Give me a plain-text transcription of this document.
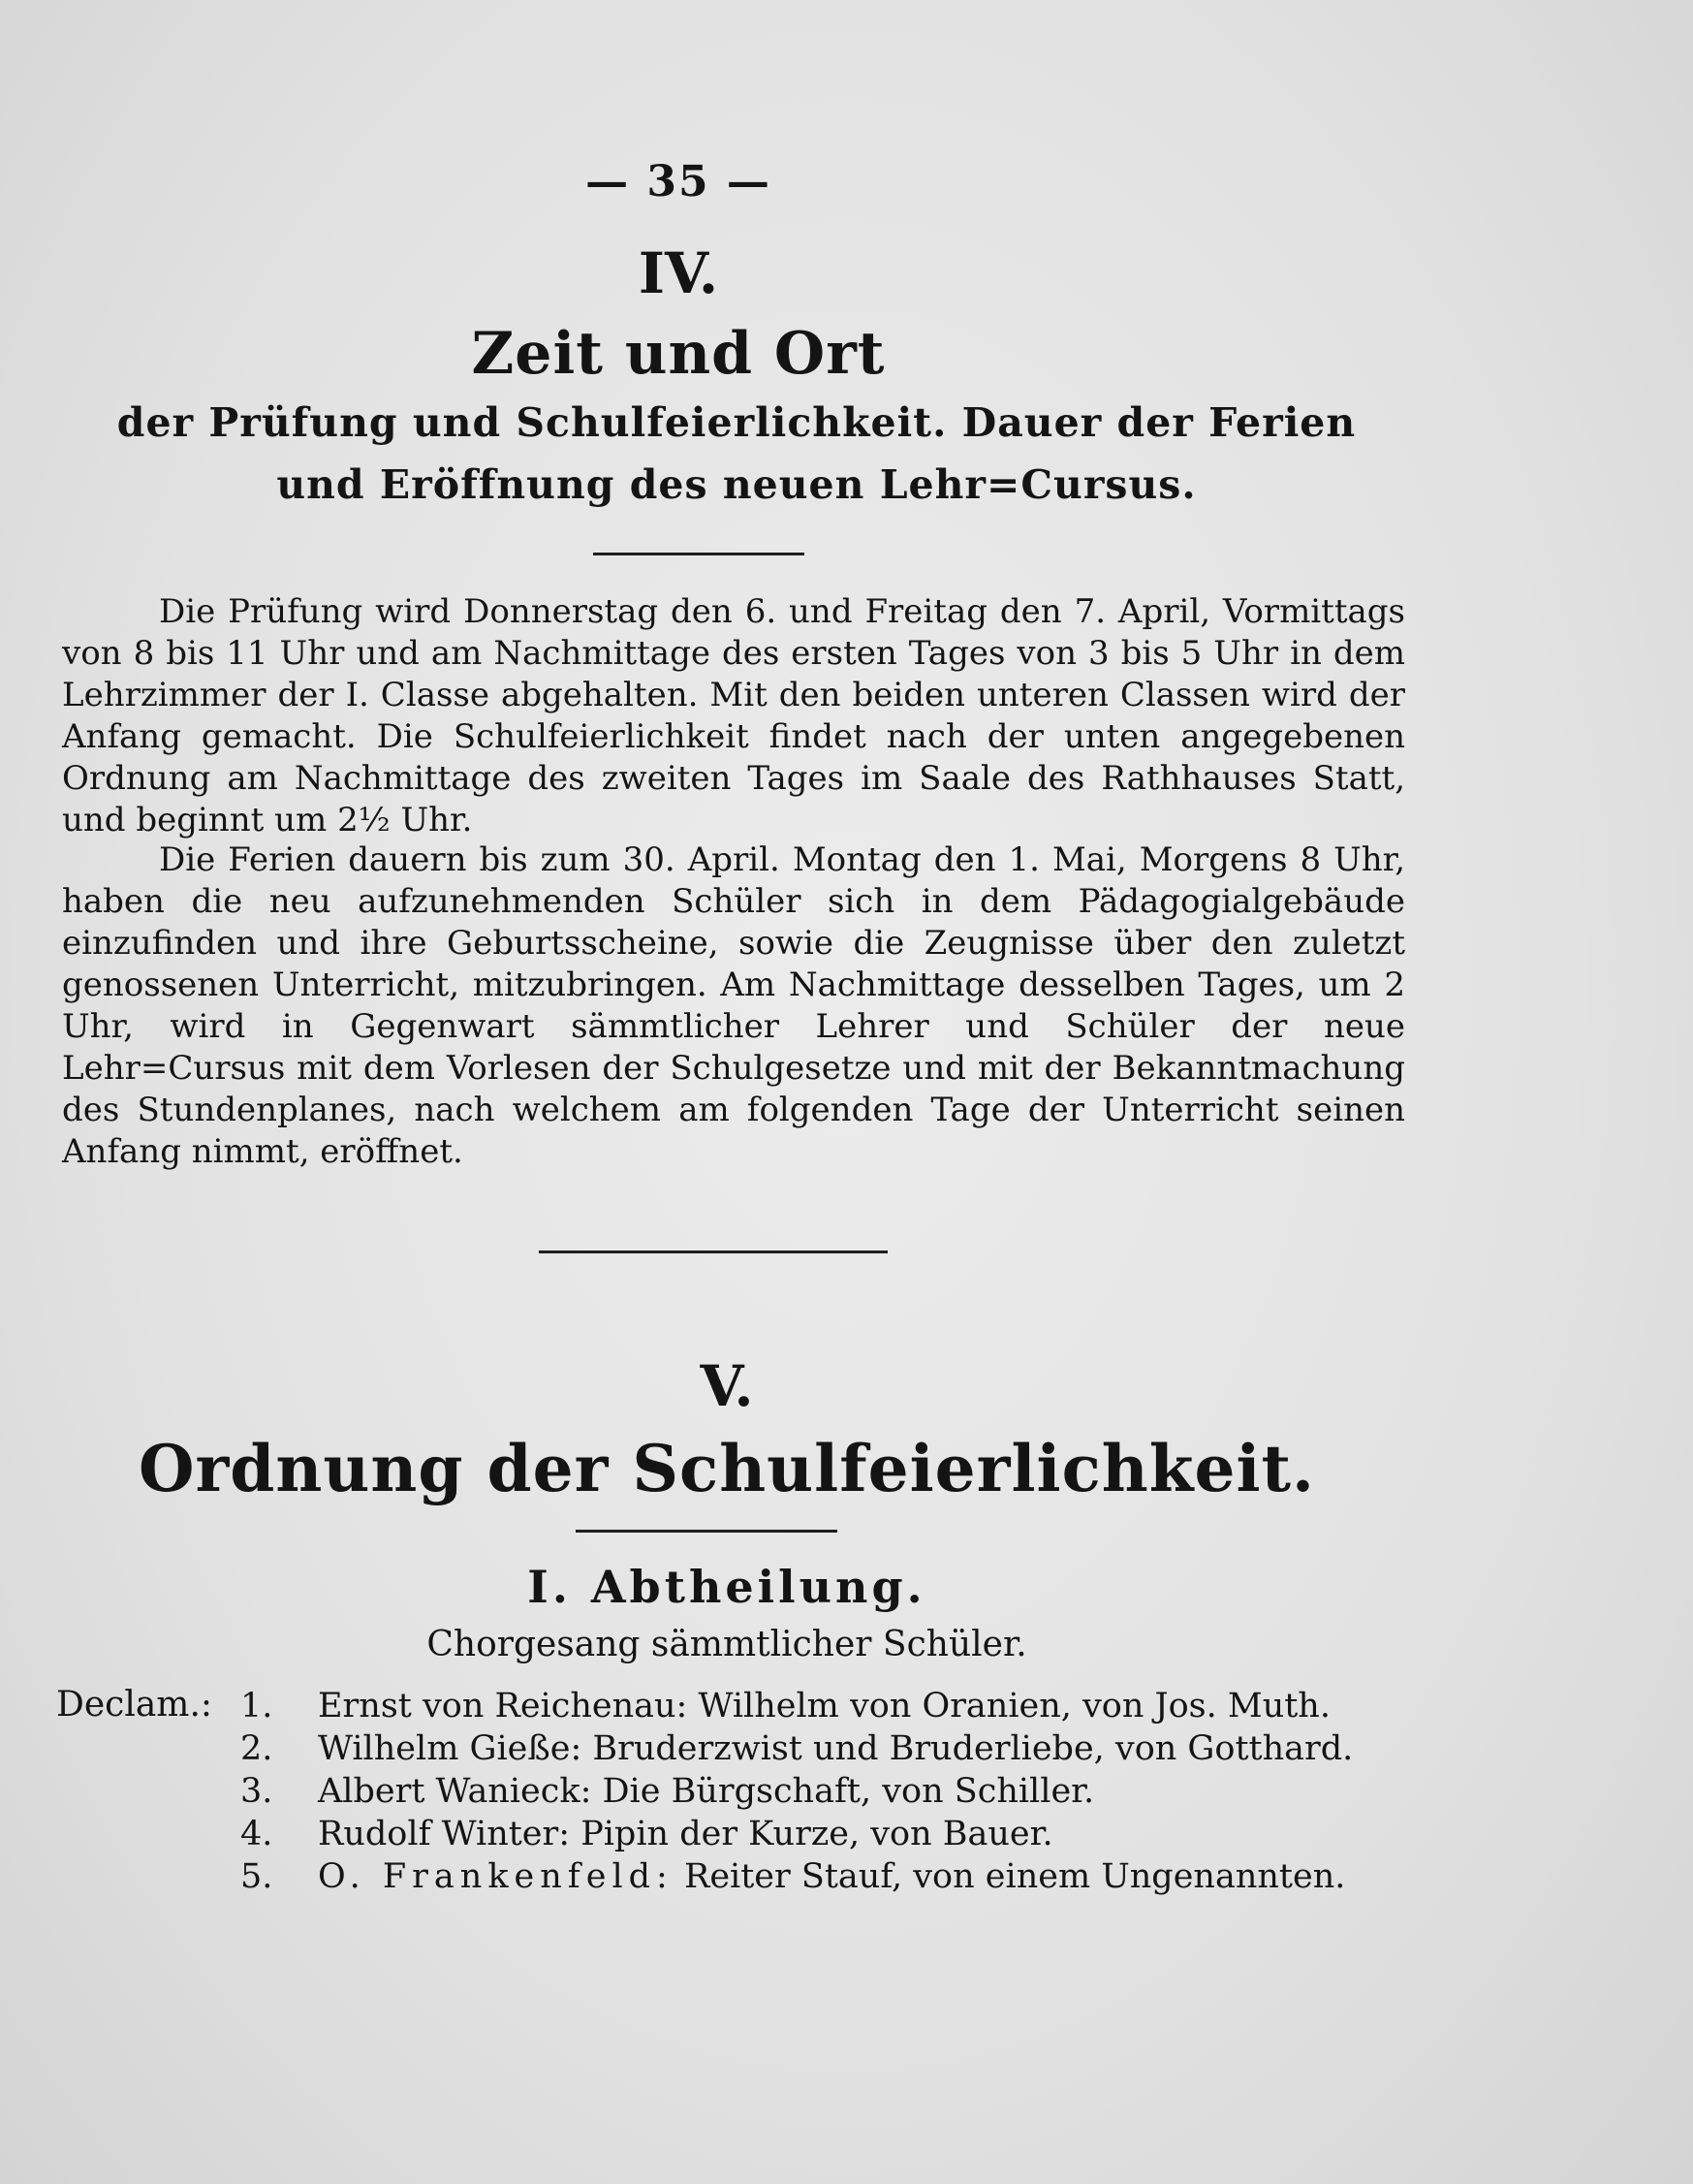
— 35 —
IV.
Zeit und Ort
der Prüfung und Schulfeierlichkeit. Dauer der Ferien
und Eröffnung des neuen Lehr=Cursus.
Die Prüfung wird Donnerstag den 6. und Freitag den 7. April, Vormittags von 8 bis 11 Uhr und am Nachmittage des ersten Tages von 3 bis 5 Uhr in dem Lehrzimmer der I. Classe abgehalten. Mit den beiden unteren Classen wird der Anfang gemacht. Die Schulfeierlichkeit findet nach der unten angegebenen Ordnung am Nachmittage des zweiten Tages im Saale des Rathhauses Statt, und beginnt um 2½ Uhr.
Die Ferien dauern bis zum 30. April. Montag den 1. Mai, Morgens 8 Uhr, haben die neu aufzunehmenden Schüler sich in dem Pädagogialgebäude einzufinden und ihre Geburtsscheine, sowie die Zeugnisse über den zuletzt genossenen Unterricht, mitzubringen. Am Nachmittage desselben Tages, um 2 Uhr, wird in Gegenwart sämmtlicher Lehrer und Schüler der neue Lehr=Cursus mit dem Vorlesen der Schulgesetze und mit der Bekanntmachung des Stundenplanes, nach welchem am folgenden Tage der Unterricht seinen Anfang nimmt, eröffnet.
V.
Ordnung der Schulfeierlichkeit.
I. Abtheilung.
Chorgesang sämmtlicher Schüler.
Declam.: 1. Ernst von Reichenau: Wilhelm von Oranien, von Jos. Muth.
2. Wilhelm Gieße: Bruderzwist und Bruderliebe, von Gotthard.
3. Albert Wanieck: Die Bürgschaft, von Schiller.
4. Rudolf Winter: Pipin der Kurze, von Bauer.
5. O. Frankenfeld: Reiter Stauf, von einem Ungenannten.
